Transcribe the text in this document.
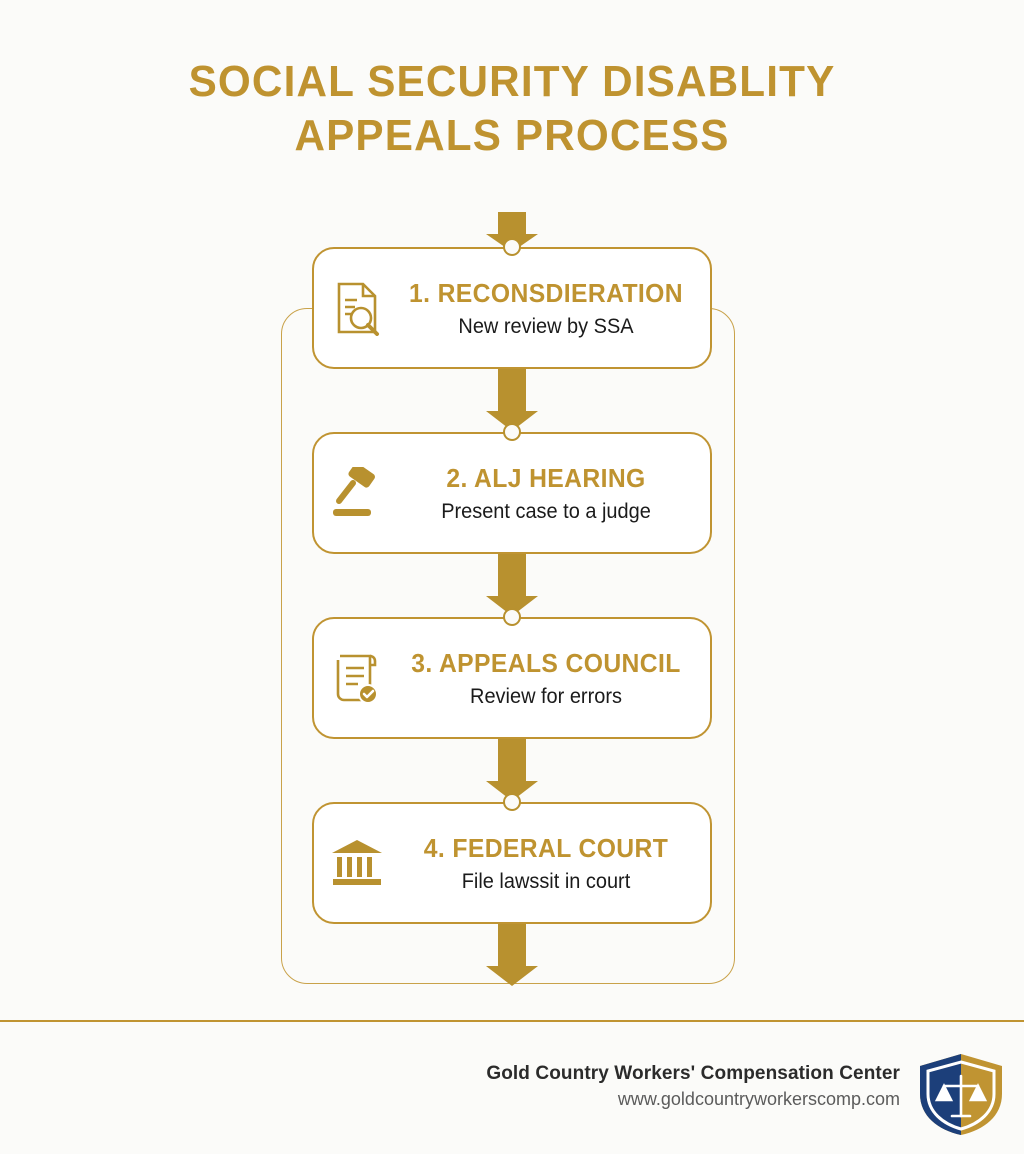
SOCIAL SECURITY DISABLITY
APPEALS PROCESS
1. RECONSDIERATION
New review by SSA
2. ALJ HEARING
Present case to a judge
3. APPEALS COUNCIL
Review for errors
4. FEDERAL COURT
File lawssit in court
Gold Country Workers' Compensation Center
www.goldcountryworkerscomp.com
